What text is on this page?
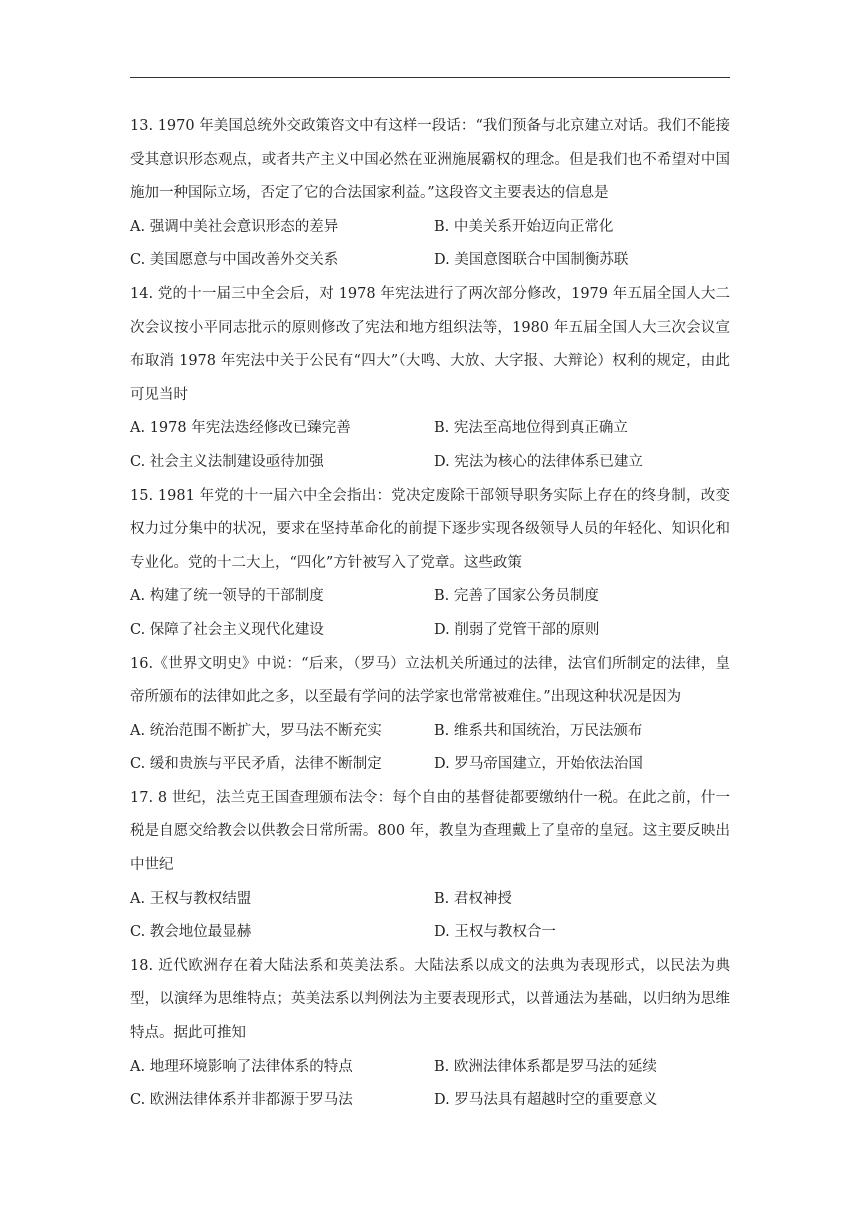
13. 1970 年美国总统外交政策咨文中有这样一段话：“我们预备与北京建立对话。我们不能接受其意识形态观点，或者共产主义中国必然在亚洲施展霸权的理念。但是我们也不希望对中国施加一种国际立场，否定了它的合法国家利益。”这段咨文主要表达的信息是

A. 强调中美社会意识形态的差异	B. 中美关系开始迈向正常化
C. 美国愿意与中国改善外交关系	D. 美国意图联合中国制衡苏联

14. 党的十一届三中全会后，对 1978 年宪法进行了两次部分修改，1979 年五届全国人大二次会议按小平同志批示的原则修改了宪法和地方组织法等，1980 年五届全国人大三次会议宣布取消 1978 年宪法中关于公民有“四大”（大鸣、大放、大字报、大辩论）权利的规定，由此可见当时

A. 1978 年宪法迭经修改已臻完善	B. 宪法至高地位得到真正确立
C. 社会主义法制建设亟待加强	D. 宪法为核心的法律体系已建立

15. 1981 年党的十一届六中全会指出：党决定废除干部领导职务实际上存在的终身制，改变权力过分集中的状况，要求在坚持革命化的前提下逐步实现各级领导人员的年轻化、知识化和专业化。党的十二大上，“四化”方针被写入了党章。这些政策

A. 构建了统一领导的干部制度	B. 完善了国家公务员制度
C. 保障了社会主义现代化建设	D. 削弱了党管干部的原则

16.《世界文明史》中说：“后来，（罗马）立法机关所通过的法律，法官们所制定的法律，皇帝所颁布的法律如此之多，以至最有学问的法学家也常常被难住。”出现这种状况是因为

A. 统治范围不断扩大，罗马法不断充实	B. 维系共和国统治，万民法颁布
C. 缓和贵族与平民矛盾，法律不断制定	D. 罗马帝国建立，开始依法治国

17. 8 世纪，法兰克王国查理颁布法令：每个自由的基督徒都要缴纳什一税。在此之前，什一税是自愿交给教会以供教会日常所需。800 年，教皇为查理戴上了皇帝的皇冠。这主要反映出中世纪

A. 王权与教权结盟	B. 君权神授
C. 教会地位最显赫	D. 王权与教权合一

18. 近代欧洲存在着大陆法系和英美法系。大陆法系以成文的法典为表现形式，以民法为典型，以演绎为思维特点；英美法系以判例法为主要表现形式，以普通法为基础，以归纳为思维特点。据此可推知

A. 地理环境影响了法律体系的特点	B. 欧洲法律体系都是罗马法的延续
C. 欧洲法律体系并非都源于罗马法	D. 罗马法具有超越时空的重要意义
